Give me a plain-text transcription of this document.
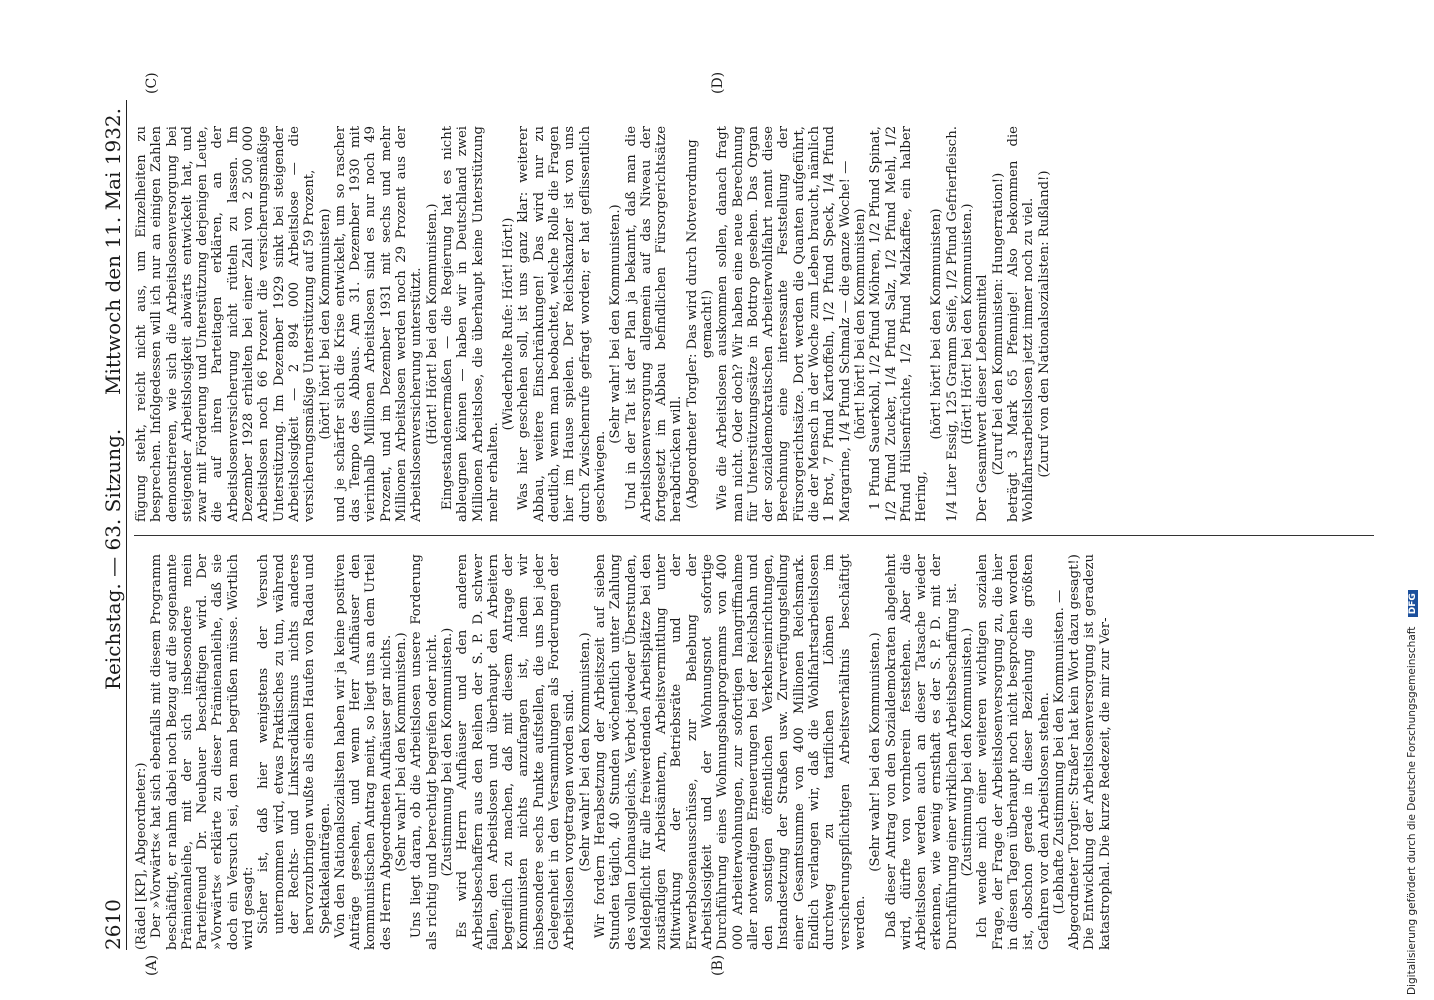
2610
Reichstag. — 63. Sitzung.
Mittwoch den 11. Mai 1932.
(A)	(B)
(C)	(D)

(Rädel [KP], Abgeordneter:) Der »Vorwärts« hat sich ebenfalls mit diesem Programm beschäftigt, er nahm dabei noch Bezug auf die sogenannte Prämienanleihe, mit der sich insbesondere mein Parteifreund Dr. Neubauer beschäftigen wird. Der »Vorwärts« erklärte zu dieser Prämienanleihe, daß sie doch ein Versuch sei, den man begrüßen müsse. Wörtlich wird gesagt: Sicher ist, daß hier wenigstens der Versuch unternommen wird, etwas Praktisches zu tun, während der Rechts- und Linksradikalismus nichts anderes hervorzubringen wußte als einen Haufen von Radau und Spektakelanträgen. Von den Nationalsozialisten haben wir ja keine positiven Anträge gesehen, und wenn Herr Aufhäuser den kommunistischen Antrag meint, so liegt uns an dem Urteil des Herrn Abgeordneten Aufhäuser gar nichts. (Sehr wahr! bei den Kommunisten.) Uns liegt daran, ob die Arbeitslosen unsere Forderung als richtig und berechtigt begreifen oder nicht. (Zustimmung bei den Kommunisten.) Es wird Herrn Aufhäuser und den anderen Arbeitsbeschaffern aus den Reihen der S. P. D. schwer fallen, den Arbeitslosen und überhaupt den Arbeitern begreiflich zu machen, daß mit diesem Antrage der Kommunisten nichts anzufangen ist, indem wir insbesondere sechs Punkte aufstellen, die uns bei jeder Gelegenheit in den Versammlungen als Forderungen der Arbeitslosen vorgetragen worden sind. (Sehr wahr! bei den Kommunisten.) Wir fordern Herabsetzung der Arbeitszeit auf sieben Stunden täglich, 40 Stunden wöchentlich unter Zahlung des vollen Lohnausgleichs, Verbot jedweder Überstunden, Meldepflicht für alle freiwerdenden Arbeitsplätze bei den zuständigen Arbeitsämtern, Arbeitsvermittlung unter Mitwirkung der Betriebsräte und der Erwerbslosenausschüsse, zur Behebung der Arbeitslosigkeit und der Wohnungsnot sofortige Durchführung eines Wohnungsbauprogramms von 400 000 Arbeiterwohnungen, zur sofortigen Inangriffnahme aller notwendigen Erneuerungen bei der Reichsbahn und den sonstigen öffentlichen Verkehrseinrichtungen, Instandsetzung der Straßen usw. Zurverfügungstellung einer Gesamtsumme von 400 Millionen Reichsmark. Endlich verlangen wir, daß die Wohlfahrtsarbeitslosen durchweg zu tariflichen Löhnen im versicherungspflichtigen Arbeitsverhältnis beschäftigt werden.

(Sehr wahr! bei den Kommunisten.) Daß dieser Antrag von den Sozialdemokraten abgelehnt wird, dürfte von vornherein feststehen. Aber die Arbeitslosen werden auch an dieser Tatsache wieder erkennen, wie wenig ernsthaft es der S. P. D. mit der Durchführung einer wirklichen Arbeitsbeschaffung ist. (Zustimmung bei den Kommunisten.) Ich wende mich einer weiteren wichtigen sozialen Frage, der Frage der Arbeitslosenversorgung zu, die hier in diesen Tagen überhaupt noch nicht besprochen worden ist, obschon gerade in dieser Beziehung die größten Gefahren vor den Arbeitslosen stehen. (Lebhafte Zustimmung bei den Kommunisten. — Abgeordneter Torgler: Straßer hat kein Wort dazu gesagt!) Die Entwicklung der Arbeitslosenversorgung ist geradezu katastrophal. Die kurze Redezeit, die mir zur Ver-

fügung steht, reicht nicht aus, um Einzelheiten zu besprechen. Infolgedessen will ich nur an einigen Zahlen demonstrieren, wie sich die Arbeitslosenversorgung bei steigender Arbeitslosigkeit abwärts entwickelt hat, und zwar mit Förderung und Unterstützung derjenigen Leute, die auf ihren Parteitagen erklären, an der Arbeitslosenversicherung nicht rütteln zu lassen. Im Dezember 1928 erhielten bei einer Zahl von 2 500 000 Arbeitslosen noch 66 Prozent die versicherungsmäßige Unterstützung. Im Dezember 1929 sinkt bei steigender Arbeitslosigkeit — 2 894 000 Arbeitslose — die versicherungsmäßige Unterstützung auf 59 Prozent, (hört! hört! bei den Kommunisten) und je schärfer sich die Krise entwickelt, um so rascher das Tempo des Abbaus. Am 31. Dezember 1930 mit vierinhalb Millionen Arbeitslosen sind es nur noch 49 Prozent, und im Dezember 1931 mit sechs und mehr Millionen Arbeitslosen werden noch 29 Prozent aus der Arbeitslosenversicherung unterstützt. (Hört! Hört! bei den Kommunisten.) Eingestandenermaßen — die Regierung hat es nicht ableugnen können — haben wir in Deutschland zwei Millionen Arbeitslose, die überhaupt keine Unterstützung mehr erhalten.

(Wiederholte Rufe: Hört! Hört!) Was hier geschehen soll, ist uns ganz klar: weiterer Abbau, weitere Einschränkungen! Das wird nur zu deutlich, wenn man beobachtet, welche Rolle die Fragen hier im Hause spielen. Der Reichskanzler ist von uns durch Zwischenrufe gefragt worden; er hat geflissentlich geschwiegen.

(Sehr wahr! bei den Kommunisten.) Und in der Tat ist der Plan ja bekannt, daß man die Arbeitslosenversorgung allgemein auf das Niveau der fortgesetzt im Abbau befindlichen Fürsorgerichtsätze herabdrücken will. (Abgeordneter Torgler: Das wird durch Notverordnung gemacht!) Wie die Arbeitslosen auskommen sollen, danach fragt man nicht. Oder doch? Wir haben eine neue Berechnung für Unterstützungssätze in Bottrop gesehen. Das Organ der sozialdemokratischen Arbeiterwohlfahrt nennt diese Berechnung eine interessante Feststellung der Fürsorgerichtsätze. Dort werden die Quanten aufgeführt, die der Mensch in der Woche zum Leben braucht, nämlich 1 Brot, 7 Pfund Kartoffeln, 1/2 Pfund Speck, 1/4 Pfund Margarine, 1/4 Pfund Schmalz — die ganze Woche! — (hört! hört! bei den Kommunisten) 1 Pfund Sauerkohl, 1/2 Pfund Möhren, 1/2 Pfund Spinat, 1/2 Pfund Zucker, 1/4 Pfund Salz, 1/2 Pfund Mehl, 1/2 Pfund Hülsenfrüchte, 1/2 Pfund Malzkaffee, ein halber Hering,

(hört! hört! bei den Kommunisten) 1/4 Liter Essig, 125 Gramm Seife, 1/2 Pfund Gefrierfleisch. (Hört! Hört! bei den Kommunisten.) Der Gesamtwert dieser Lebensmittel (Zuruf bei den Kommunisten: Hungerration!) beträgt 3 Mark 65 Pfennige! Also bekommen die Wohlfahrtsarbeitslosen jetzt immer noch zu viel. (Zuruf von den Nationalsozialisten: Rußland!)

Digitalisierung gefördert durch die Deutsche Forschungsgemeinschaft DFG
